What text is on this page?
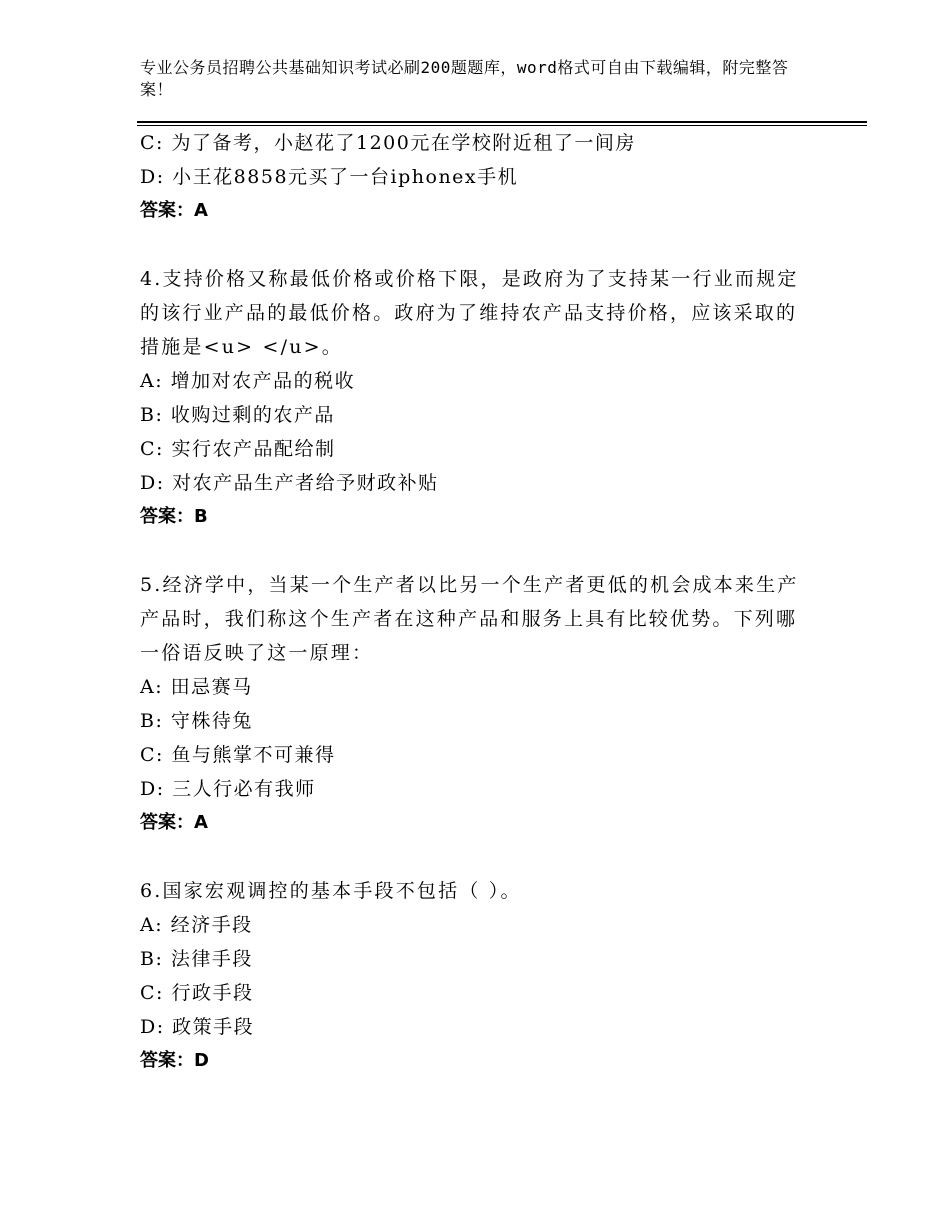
专业公务员招聘公共基础知识考试必刷200题题库，word格式可自由下载编辑，附完整答案！
C: 为了备考，小赵花了1200元在学校附近租了一间房
D: 小王花8858元买了一台iphonex手机
答案：A
4.支持价格又称最低价格或价格下限，是政府为了支持某一行业而规定的该行业产品的最低价格。政府为了维持农产品支持价格，应该采取的措施是<u> </u>。
A: 增加对农产品的税收
B: 收购过剩的农产品
C: 实行农产品配给制
D: 对农产品生产者给予财政补贴
答案：B
5.经济学中，当某一个生产者以比另一个生产者更低的机会成本来生产产品时，我们称这个生产者在这种产品和服务上具有比较优势。下列哪一俗语反映了这一原理：
A: 田忌赛马
B: 守株待兔
C: 鱼与熊掌不可兼得
D: 三人行必有我师
答案：A
6.国家宏观调控的基本手段不包括（ ）。
A: 经济手段
B: 法律手段
C: 行政手段
D: 政策手段
答案：D
